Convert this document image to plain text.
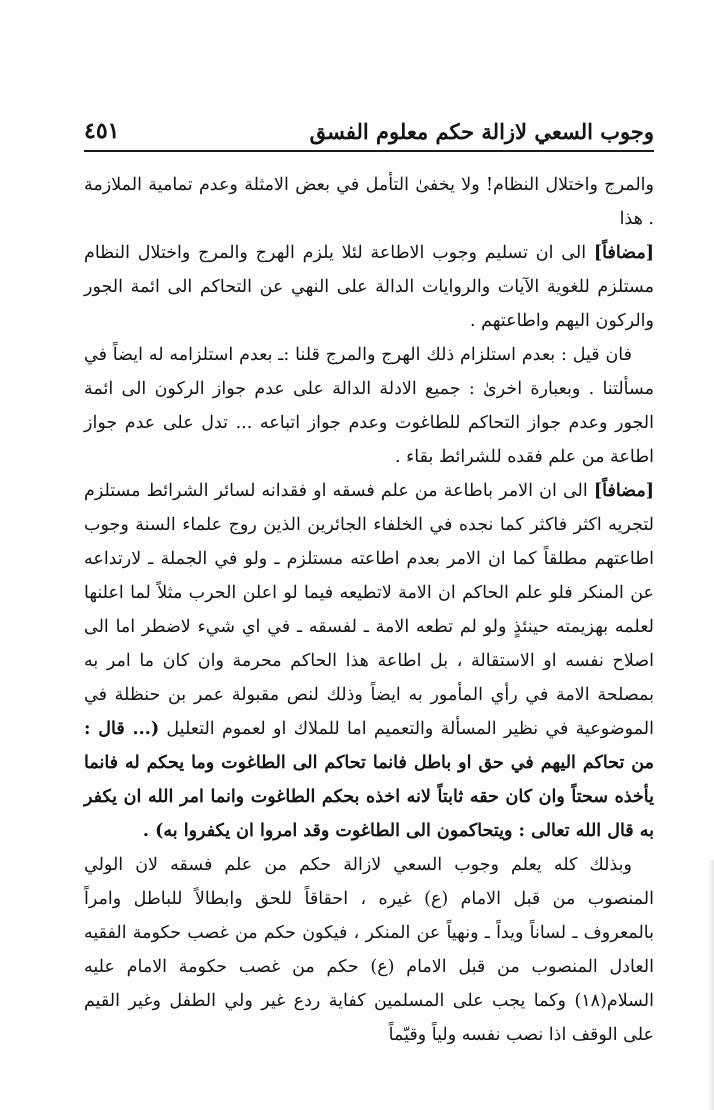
وجوب السعي لازالة حكم معلوم الفسق
٤٥١

والمرج واختلال النظام! ولا يخفىٰ التأمل في بعض الامثلة وعدم تمامية الملازمة . هذا

[مضافاً] الى ان تسليم وجوب الاطاعة لئلا يلزم الهرج والمرج واختلال النظام مستلزم للغوية الآيات والروايات الدالة على النهي عن التحاكم الى ائمة الجور والركون اليهم واطاعتهم .

فان قيل : بعدم استلزام ذلك الهرج والمرج قلنا :ـ بعدم استلزامه له ايضاً في مسألتنا . وبعبارة اخرىٰ : جميع الادلة الدالة على عدم جواز الركون الى ائمة الجور وعدم جواز التحاكم للطاغوت وعدم جواز اتباعه ... تدل على عدم جواز اطاعة من علم فقده للشرائط بقاء .

[مضافاً] الى ان الامر باطاعة من علم فسقه او فقدانه لسائر الشرائط مستلزم لتجريه اكثر فاكثر كما نجده في الخلفاء الجائرين الذين روج علماء السنة وجوب اطاعتهم مطلقاً كما ان الامر بعدم اطاعته مستلزم ـ ولو في الجملة ـ لارتداعه عن المنكر فلو علم الحاكم ان الامة لاتطيعه فيما لو اعلن الحرب مثلاً لما اعلنها لعلمه بهزيمته حينئذٍ ولو لم تطعه الامة ـ لفسقه ـ في اي شيء لاضطر اما الى اصلاح نفسه او الاستقالة ، بل اطاعة هذا الحاكم محرمة وان كان ما امر به بمصلحة الامة في رأي المأمور به ايضاً وذلك لنص مقبولة عمر بن حنظلة في الموضوعية في نظير المسألة والتعميم اما للملاك او لعموم التعليل (... قال : من تحاكم اليهم في حق او باطل فانما تحاكم الى الطاغوت وما يحكم له فانما يأخذه سحتاً وان كان حقه ثابتاً لانه اخذه بحكم الطاغوت وانما امر الله ان يكفر به قال الله تعالى : ويتحاكمون الى الطاغوت وقد امروا ان يكفروا به) .

وبذلك كله يعلم وجوب السعي لازالة حكم من علم فسقه لان الولي المنصوب من قبل الامام (ع) غيره ، احقاقاً للحق وابطالاً للباطل وامراً بالمعروف ـ لساناً ويداً ـ ونهياً عن المنكر ، فيكون حكم من غصب حكومة الفقيه العادل المنصوب من قبل الامام (ع) حكم من غصب حكومة الامام عليه السلام(١٨) وكما يجب على المسلمين كفاية ردع غير ولي الطفل وغير القيم على الوقف اذا نصب نفسه ولياً وقيّماً
